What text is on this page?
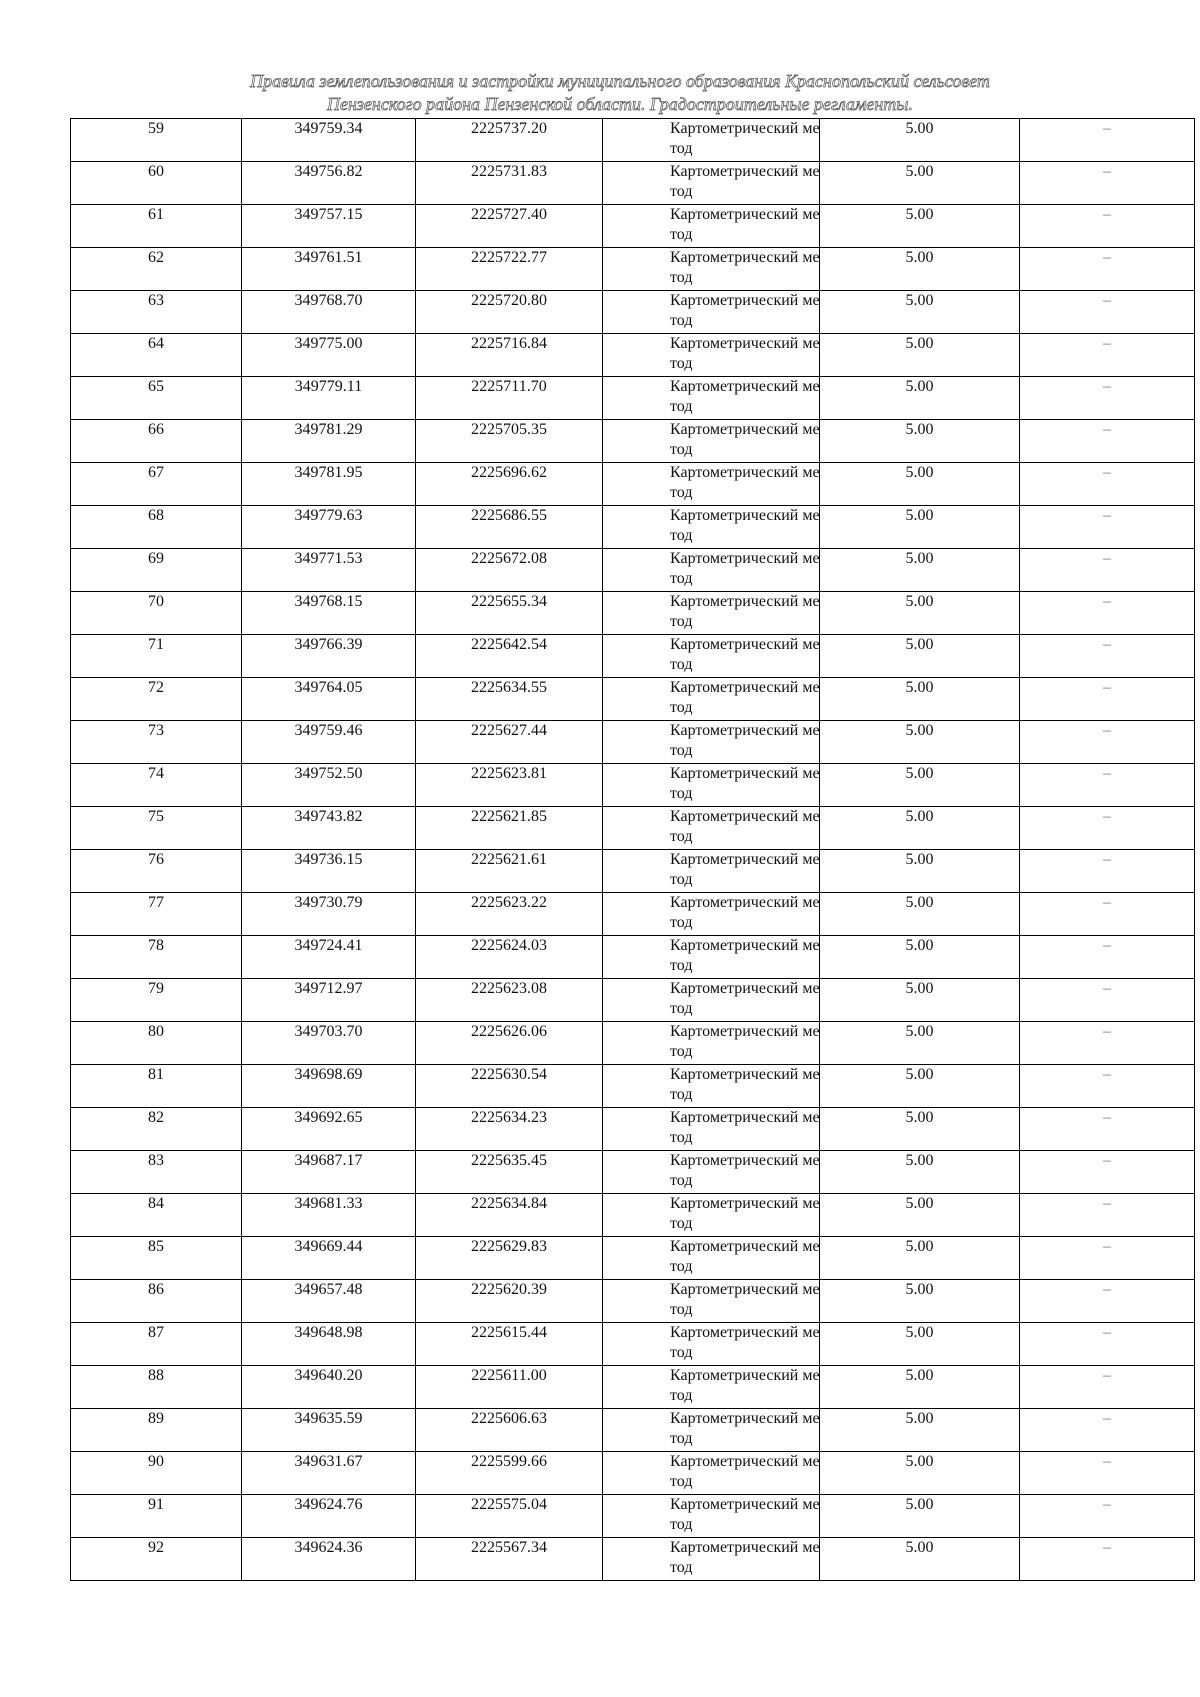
Правила землепользования и застройки муниципального образования Краснопольский сельсовет
Пензенского района Пензенской области. Градостроительные регламенты.
59	349759.34	2225737.20	Картометрический метод	5.00	–
60	349756.82	2225731.83	Картометрический метод	5.00	–
61	349757.15	2225727.40	Картометрический метод	5.00	–
62	349761.51	2225722.77	Картометрический метод	5.00	–
63	349768.70	2225720.80	Картометрический метод	5.00	–
64	349775.00	2225716.84	Картометрический метод	5.00	–
65	349779.11	2225711.70	Картометрический метод	5.00	–
66	349781.29	2225705.35	Картометрический метод	5.00	–
67	349781.95	2225696.62	Картометрический метод	5.00	–
68	349779.63	2225686.55	Картометрический метод	5.00	–
69	349771.53	2225672.08	Картометрический метод	5.00	–
70	349768.15	2225655.34	Картометрический метод	5.00	–
71	349766.39	2225642.54	Картометрический метод	5.00	–
72	349764.05	2225634.55	Картометрический метод	5.00	–
73	349759.46	2225627.44	Картометрический метод	5.00	–
74	349752.50	2225623.81	Картометрический метод	5.00	–
75	349743.82	2225621.85	Картометрический метод	5.00	–
76	349736.15	2225621.61	Картометрический метод	5.00	–
77	349730.79	2225623.22	Картометрический метод	5.00	–
78	349724.41	2225624.03	Картометрический метод	5.00	–
79	349712.97	2225623.08	Картометрический метод	5.00	–
80	349703.70	2225626.06	Картометрический метод	5.00	–
81	349698.69	2225630.54	Картометрический метод	5.00	–
82	349692.65	2225634.23	Картометрический метод	5.00	–
83	349687.17	2225635.45	Картометрический метод	5.00	–
84	349681.33	2225634.84	Картометрический метод	5.00	–
85	349669.44	2225629.83	Картометрический метод	5.00	–
86	349657.48	2225620.39	Картометрический метод	5.00	–
87	349648.98	2225615.44	Картометрический метод	5.00	–
88	349640.20	2225611.00	Картометрический метод	5.00	–
89	349635.59	2225606.63	Картометрический метод	5.00	–
90	349631.67	2225599.66	Картометрический метод	5.00	–
91	349624.76	2225575.04	Картометрический метод	5.00	–
92	349624.36	2225567.34	Картометрический метод	5.00	–
